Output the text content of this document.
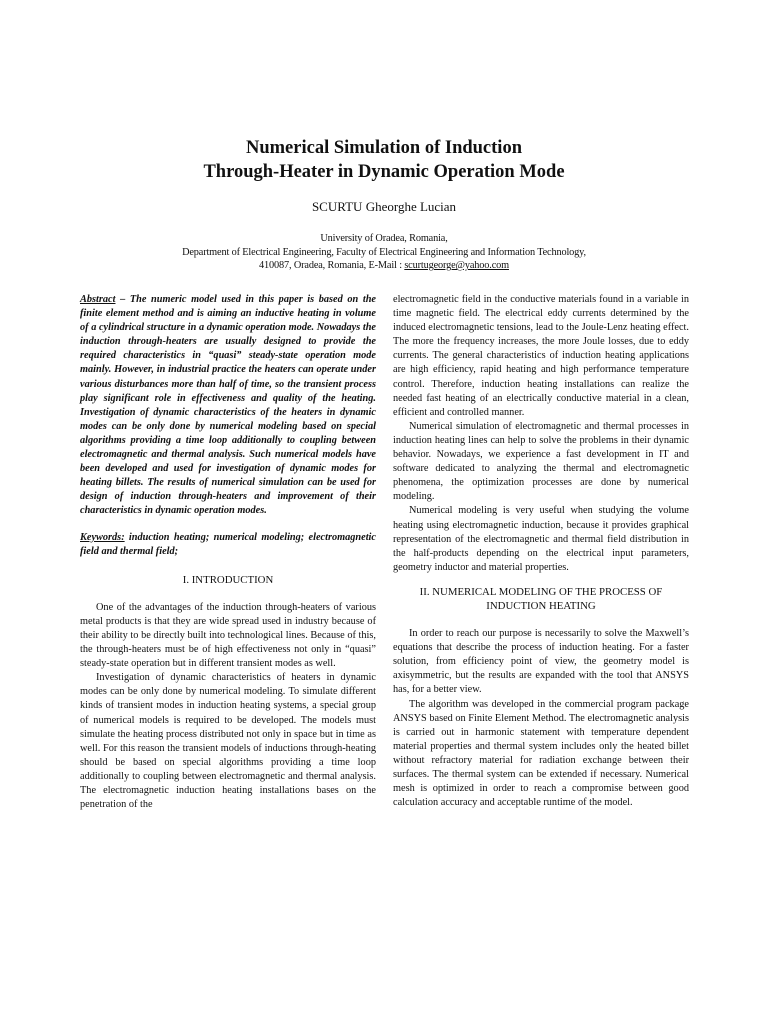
Numerical Simulation of Induction
Through-Heater in Dynamic Operation Mode
SCURTU Gheorghe Lucian
University of Oradea, Romania,
Department of Electrical Engineering, Faculty of Electrical Engineering and Information Technology,
410087, Oradea, Romania, E-Mail : scurtugeorge@yahoo.com

Abstract – The numeric model used in this paper is based on the finite element method and is aiming an inductive heating in volume of a cylindrical structure in a dynamic operation mode. Nowadays the induction through-heaters are usually designed to provide the required characteristics in “quasi” steady-state operation mode mainly. However, in industrial practice the heaters can operate under various disturbances more than half of time, so the transient process play significant role in effectiveness and quality of the heating. Investigation of dynamic characteristics of the heaters in dynamic modes can be only done by numerical modeling based on special algorithms providing a time loop additionally to coupling between electromagnetic and thermal analysis. Such numerical models have been developed and used for investigation of dynamic modes for heating billets. The results of numerical simulation can be used for design of induction through-heaters and improvement of their characteristics in dynamic operation modes.

Keywords: induction heating; numerical modeling; electromagnetic field and thermal field;

I. INTRODUCTION

One of the advantages of the induction through-heaters of various metal products is that they are wide spread used in industry because of their ability to be directly built into technological lines. Because of this, the through-heaters must be of high effectiveness not only in “quasi” steady-state operation but in different transient modes as well.

Investigation of dynamic characteristics of heaters in dynamic modes can be only done by numerical modeling. To simulate different kinds of transient modes in induction heating systems, a special group of numerical models is required to be developed. The models must simulate the heating process distributed not only in space but in time as well. For this reason the transient models of inductions through-heating should be based on special algorithms providing a time loop additionally to coupling between electromagnetic and thermal analysis. The electromagnetic induction heating installations bases on the penetration of the

electromagnetic field in the conductive materials found in a variable in time magnetic field. The electrical eddy currents determined by the induced electromagnetic tensions, lead to the Joule-Lenz heating effect. The more the frequency increases, the more Joule losses, due to eddy currents. The general characteristics of induction heating applications are high efficiency, rapid heating and high performance temperature control. Therefore, induction heating installations can realize the needed fast heating of an electrically conductive material in a clean, efficient and controlled manner.

Numerical simulation of electromagnetic and thermal processes in induction heating lines can help to solve the problems in their dynamic behavior. Nowadays, we experience a fast development in IT and software dedicated to analyzing the thermal and electromagnetic phenomena, the optimization processes are done by numerical modeling.

Numerical modeling is very useful when studying the volume heating using electromagnetic induction, because it provides graphical representation of the electromagnetic and thermal field distribution in the half-products depending on the electrical input parameters, geometry inductor and material properties.

II. NUMERICAL MODELING OF THE PROCESS OF
INDUCTION HEATING

In order to reach our purpose is necessarily to solve the Maxwell’s equations that describe the process of induction heating. For a faster solution, from efficiency point of view, the geometry model is axisymmetric, but the results are expanded with the tool that ANSYS has, for a better view.

The algorithm was developed in the commercial program package ANSYS based on Finite Element Method. The electromagnetic analysis is carried out in harmonic statement with temperature dependent material properties and thermal system includes only the heated billet without refractory material for radiation exchange between their surfaces. The thermal system can be extended if necessary. Numerical mesh is optimized in order to reach a compromise between good calculation accuracy and acceptable runtime of the model.
